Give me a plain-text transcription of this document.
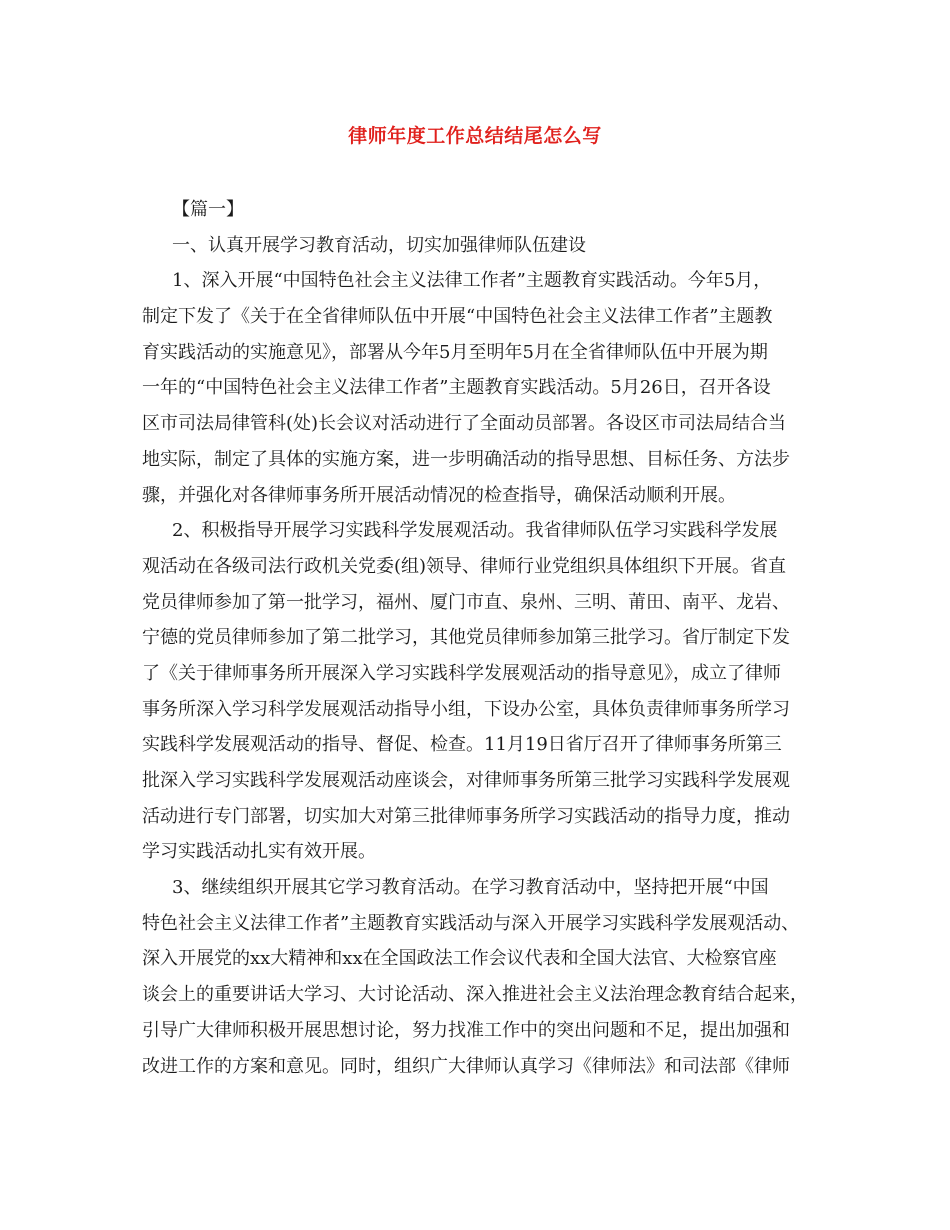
律师年度工作总结结尾怎么写
【篇一】
一、认真开展学习教育活动，切实加强律师队伍建设
1、深入开展“中国特色社会主义法律工作者”主题教育实践活动。今年5月，
制定下发了《关于在全省律师队伍中开展“中国特色社会主义法律工作者”主题教
育实践活动的实施意见》，部署从今年5月至明年5月在全省律师队伍中开展为期
一年的“中国特色社会主义法律工作者”主题教育实践活动。5月26日，召开各设
区市司法局律管科(处)长会议对活动进行了全面动员部署。各设区市司法局结合当
地实际，制定了具体的实施方案，进一步明确活动的指导思想、目标任务、方法步
骤，并强化对各律师事务所开展活动情况的检查指导，确保活动顺利开展。
2、积极指导开展学习实践科学发展观活动。我省律师队伍学习实践科学发展
观活动在各级司法行政机关党委(组)领导、律师行业党组织具体组织下开展。省直
党员律师参加了第一批学习，福州、厦门市直、泉州、三明、莆田、南平、龙岩、
宁德的党员律师参加了第二批学习，其他党员律师参加第三批学习。省厅制定下发
了《关于律师事务所开展深入学习实践科学发展观活动的指导意见》，成立了律师
事务所深入学习科学发展观活动指导小组，下设办公室，具体负责律师事务所学习
实践科学发展观活动的指导、督促、检查。11月19日省厅召开了律师事务所第三
批深入学习实践科学发展观活动座谈会，对律师事务所第三批学习实践科学发展观
活动进行专门部署，切实加大对第三批律师事务所学习实践活动的指导力度，推动
学习实践活动扎实有效开展。
3、继续组织开展其它学习教育活动。在学习教育活动中，坚持把开展“中国
特色社会主义法律工作者”主题教育实践活动与深入开展学习实践科学发展观活动、
深入开展党的xx大精神和xx在全国政法工作会议代表和全国大法官、大检察官座
谈会上的重要讲话大学习、大讨论活动、深入推进社会主义法治理念教育结合起来，
引导广大律师积极开展思想讨论，努力找准工作中的突出问题和不足，提出加强和
改进工作的方案和意见。同时，组织广大律师认真学习《律师法》和司法部《律师
